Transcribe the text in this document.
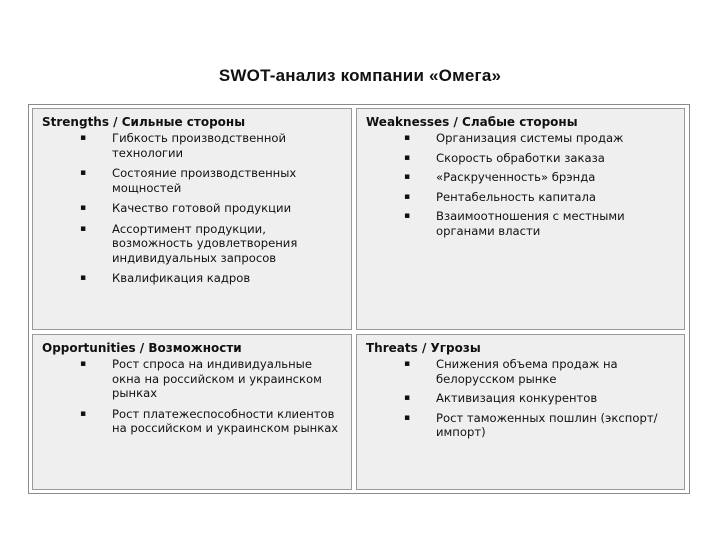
SWOT-анализ компании «Омега»
Strengths / Сильные стороны
▪ Гибкость производственной технологии
▪ Состояние производственных мощностей
▪ Качество готовой продукции
▪ Ассортимент продукции, возможность удовлетворения индивидуальных запросов
▪ Квалификация кадров
Weaknesses / Слабые стороны
▪ Организация системы продаж
▪ Скорость обработки заказа
▪ «Раскрученность» брэнда
▪ Рентабельность капитала
▪ Взаимоотношения с местными органами власти
Opportunities / Возможности
▪ Рост спроса на индивидуальные окна на российском и украинском рынках
▪ Рост платежеспособности клиентов на российском и украинском рынках
Threats / Угрозы
▪ Снижения объема продаж на белорусском рынке
▪ Активизация конкурентов
▪ Рост таможенных пошлин (экспорт/импорт)
